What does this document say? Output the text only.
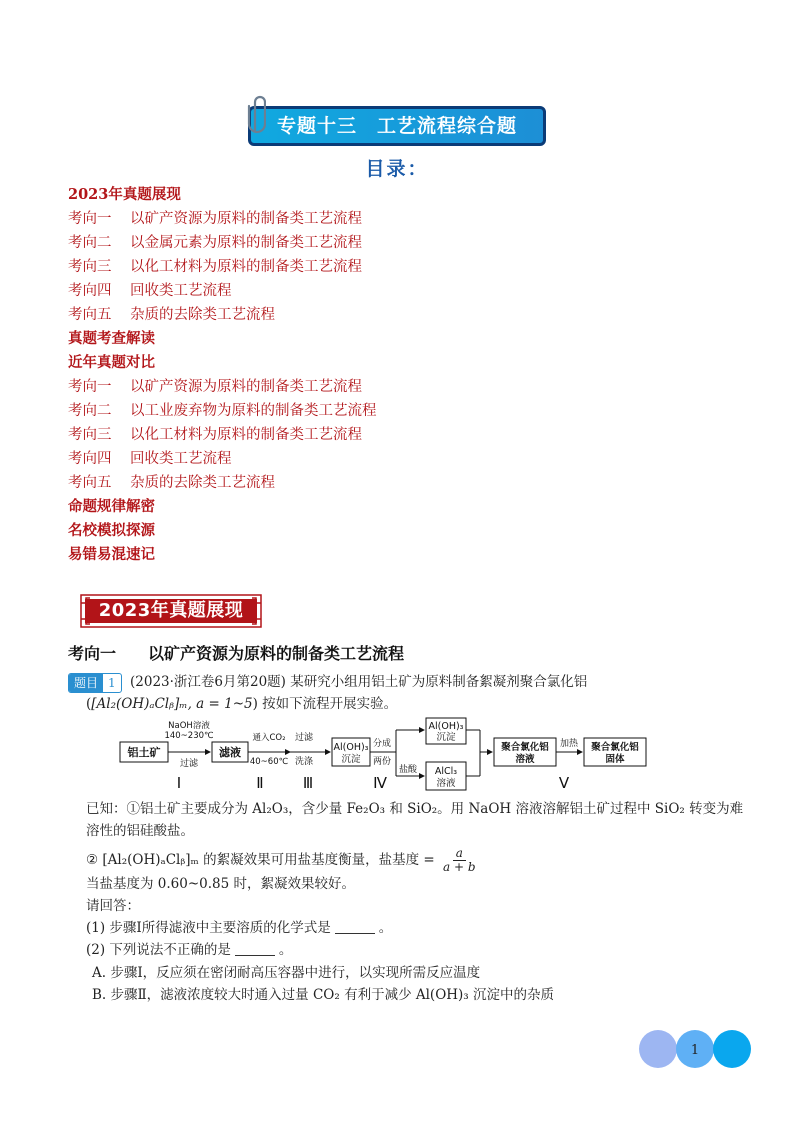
专题十三　工艺流程综合题
目录：
2023年真题展现
考向一 以矿产资源为原料的制备类工艺流程
考向二 以金属元素为原料的制备类工艺流程
考向三 以化工材料为原料的制备类工艺流程
考向四 回收类工艺流程
考向五 杂质的去除类工艺流程
真题考查解读
近年真题对比
考向一 以矿产资源为原料的制备类工艺流程
考向二 以工业废弃物为原料的制备类工艺流程
考向三 以化工材料为原料的制备类工艺流程
考向四 回收类工艺流程
考向五 杂质的去除类工艺流程
命题规律解密
名校模拟探源
易错易混速记
2023年真题展现
考向一 以矿产资源为原料的制备类工艺流程
题目 1	(2023·浙江卷6月第20题) 某研究小组用铝土矿为原料制备絮凝剂聚合氯化铝
([Al₂(OH)ₐClᵦ]ₘ, a = 1~5) 按如下流程开展实验。
铝土矿
NaOH溶液
140~230℃
过滤
Ⅰ
滤液
通入CO₂
40~60℃
Ⅱ
过滤
洗涤
Ⅲ
Al(OH)₃
沉淀
分成
两份
Ⅳ
盐酸
Al(OH)₃
沉淀
AlCl₃
溶液
聚合氯化铝
溶液
加热 聚合氯化铝
固体
Ⅴ
已知：①铝土矿主要成分为 Al₂O₃，含少量 Fe₂O₃ 和 SiO₂。用 NaOH 溶液溶解铝土矿过程中 SiO₂ 转变为难
溶性的铝硅酸盐。
② [Al₂(OH)ₐClᵦ]ₘ 的絮凝效果可用盐基度衡量，盐基度 = $\frac{a}{a + b}$
当盐基度为 0.60~0.85 时，絮凝效果较好。
请回答：
(1) 步骤Ⅰ所得滤液中主要溶质的化学式是	。
(2) 下列说法不正确的是	。
A. 步骤Ⅰ，反应须在密闭耐高压容器中进行，以实现所需反应温度
B. 步骤Ⅱ，滤液浓度较大时通入过量 CO₂ 有利于减少 Al(OH)₃ 沉淀中的杂质
1
